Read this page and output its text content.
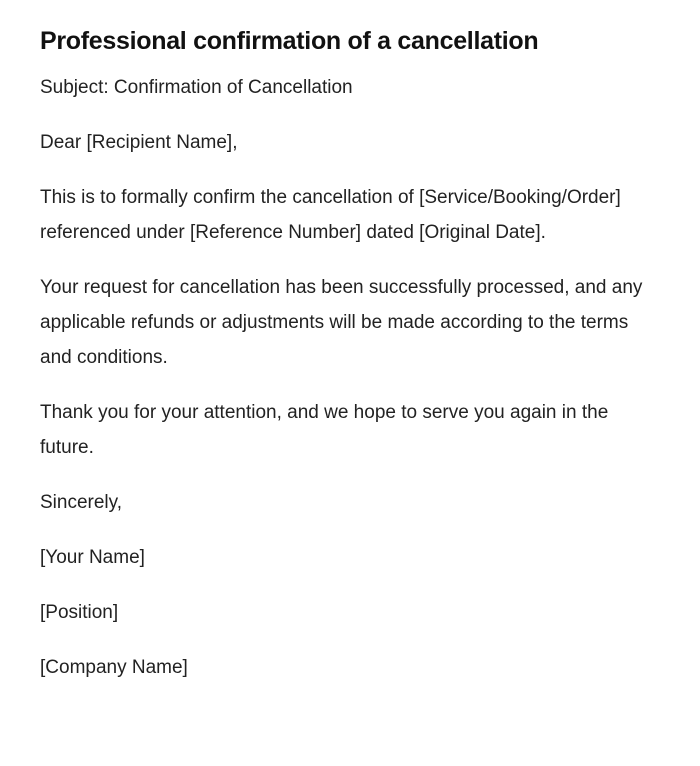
Professional confirmation of a cancellation

Subject: Confirmation of Cancellation

Dear [Recipient Name],

This is to formally confirm the cancellation of [Service/Booking/Order] referenced under [Reference Number] dated [Original Date].

Your request for cancellation has been successfully processed, and any applicable refunds or adjustments will be made according to the terms and conditions.

Thank you for your attention, and we hope to serve you again in the future.

Sincerely,

[Your Name]

[Position]

[Company Name]
